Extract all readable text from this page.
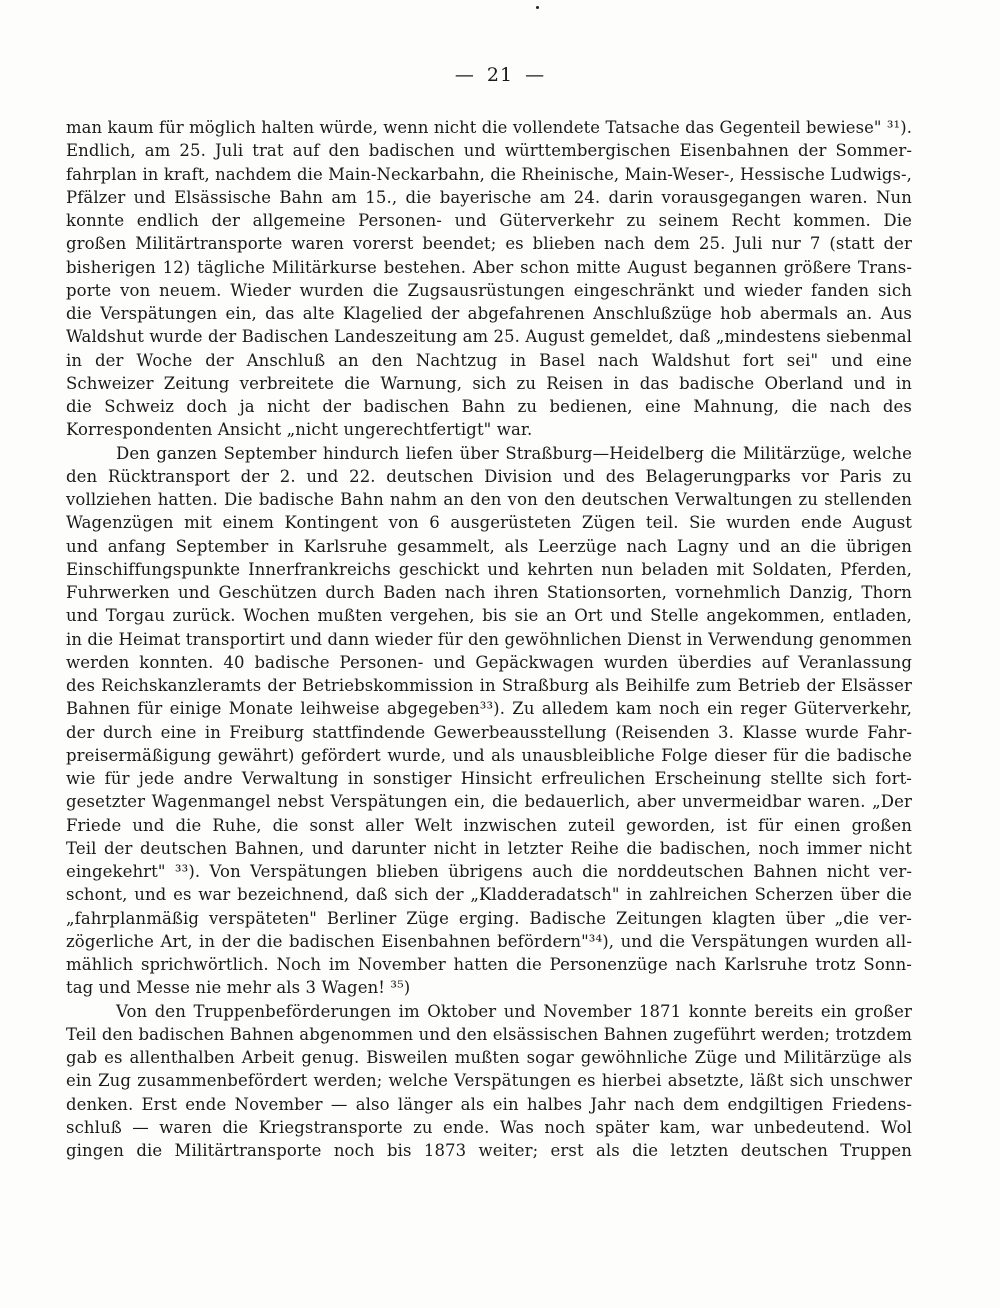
— 21 —
man kaum für möglich halten würde, wenn nicht die vollendete Tatsache das Gegenteil bewiese" ³¹).
Endlich, am 25. Juli trat auf den badischen und württembergischen Eisenbahnen der Sommer-
fahrplan in kraft, nachdem die Main-Neckarbahn, die Rheinische, Main-Weser-, Hessische Ludwigs-,
Pfälzer und Elsässische Bahn am 15., die bayerische am 24. darin vorausgegangen waren. Nun
konnte endlich der allgemeine Personen- und Güterverkehr zu seinem Recht kommen. Die
großen Militärtransporte waren vorerst beendet; es blieben nach dem 25. Juli nur 7 (statt der
bisherigen 12) tägliche Militärkurse bestehen. Aber schon mitte August begannen größere Trans-
porte von neuem. Wieder wurden die Zugsausrüstungen eingeschränkt und wieder fanden sich
die Verspätungen ein, das alte Klagelied der abgefahrenen Anschlußzüge hob abermals an. Aus
Waldshut wurde der Badischen Landeszeitung am 25. August gemeldet, daß „mindestens siebenmal
in der Woche der Anschluß an den Nachtzug in Basel nach Waldshut fort sei" und eine
Schweizer Zeitung verbreitete die Warnung, sich zu Reisen in das badische Oberland und in
die Schweiz doch ja nicht der badischen Bahn zu bedienen, eine Mahnung, die nach des
Korrespondenten Ansicht „nicht ungerechtfertigt" war.
Den ganzen September hindurch liefen über Straßburg—Heidelberg die Militärzüge, welche
den Rücktransport der 2. und 22. deutschen Division und des Belagerungparks vor Paris zu
vollziehen hatten. Die badische Bahn nahm an den von den deutschen Verwaltungen zu stellenden
Wagenzügen mit einem Kontingent von 6 ausgerüsteten Zügen teil. Sie wurden ende August
und anfang September in Karlsruhe gesammelt, als Leerzüge nach Lagny und an die übrigen
Einschiffungspunkte Innerfrankreichs geschickt und kehrten nun beladen mit Soldaten, Pferden,
Fuhrwerken und Geschützen durch Baden nach ihren Stationsorten, vornehmlich Danzig, Thorn
und Torgau zurück. Wochen mußten vergehen, bis sie an Ort und Stelle angekommen, entladen,
in die Heimat transportirt und dann wieder für den gewöhnlichen Dienst in Verwendung genommen
werden konnten. 40 badische Personen- und Gepäckwagen wurden überdies auf Veranlassung
des Reichskanzleramts der Betriebskommission in Straßburg als Beihilfe zum Betrieb der Elsässer
Bahnen für einige Monate leihweise abgegeben³³). Zu alledem kam noch ein reger Güterverkehr,
der durch eine in Freiburg stattfindende Gewerbeausstellung (Reisenden 3. Klasse wurde Fahr-
preisermäßigung gewährt) gefördert wurde, und als unausbleibliche Folge dieser für die badische
wie für jede andre Verwaltung in sonstiger Hinsicht erfreulichen Erscheinung stellte sich fort-
gesetzter Wagenmangel nebst Verspätungen ein, die bedauerlich, aber unvermeidbar waren. „Der
Friede und die Ruhe, die sonst aller Welt inzwischen zuteil geworden, ist für einen großen
Teil der deutschen Bahnen, und darunter nicht in letzter Reihe die badischen, noch immer nicht
eingekehrt" ³³). Von Verspätungen blieben übrigens auch die norddeutschen Bahnen nicht ver-
schont, und es war bezeichnend, daß sich der „Kladderadatsch" in zahlreichen Scherzen über die
„fahrplanmäßig verspäteten" Berliner Züge erging. Badische Zeitungen klagten über „die ver-
zögerliche Art, in der die badischen Eisenbahnen befördern"³⁴), und die Verspätungen wurden all-
mählich sprichwörtlich. Noch im November hatten die Personenzüge nach Karlsruhe trotz Sonn-
tag und Messe nie mehr als 3 Wagen! ³⁵)
Von den Truppenbeförderungen im Oktober und November 1871 konnte bereits ein großer
Teil den badischen Bahnen abgenommen und den elsässischen Bahnen zugeführt werden; trotzdem
gab es allenthalben Arbeit genug. Bisweilen mußten sogar gewöhnliche Züge und Militärzüge als
ein Zug zusammenbefördert werden; welche Verspätungen es hierbei absetzte, läßt sich unschwer
denken. Erst ende November — also länger als ein halbes Jahr nach dem endgiltigen Friedens-
schluß — waren die Kriegstransporte zu ende. Was noch später kam, war unbedeutend. Wol
gingen die Militärtransporte noch bis 1873 weiter; erst als die letzten deutschen Truppen
